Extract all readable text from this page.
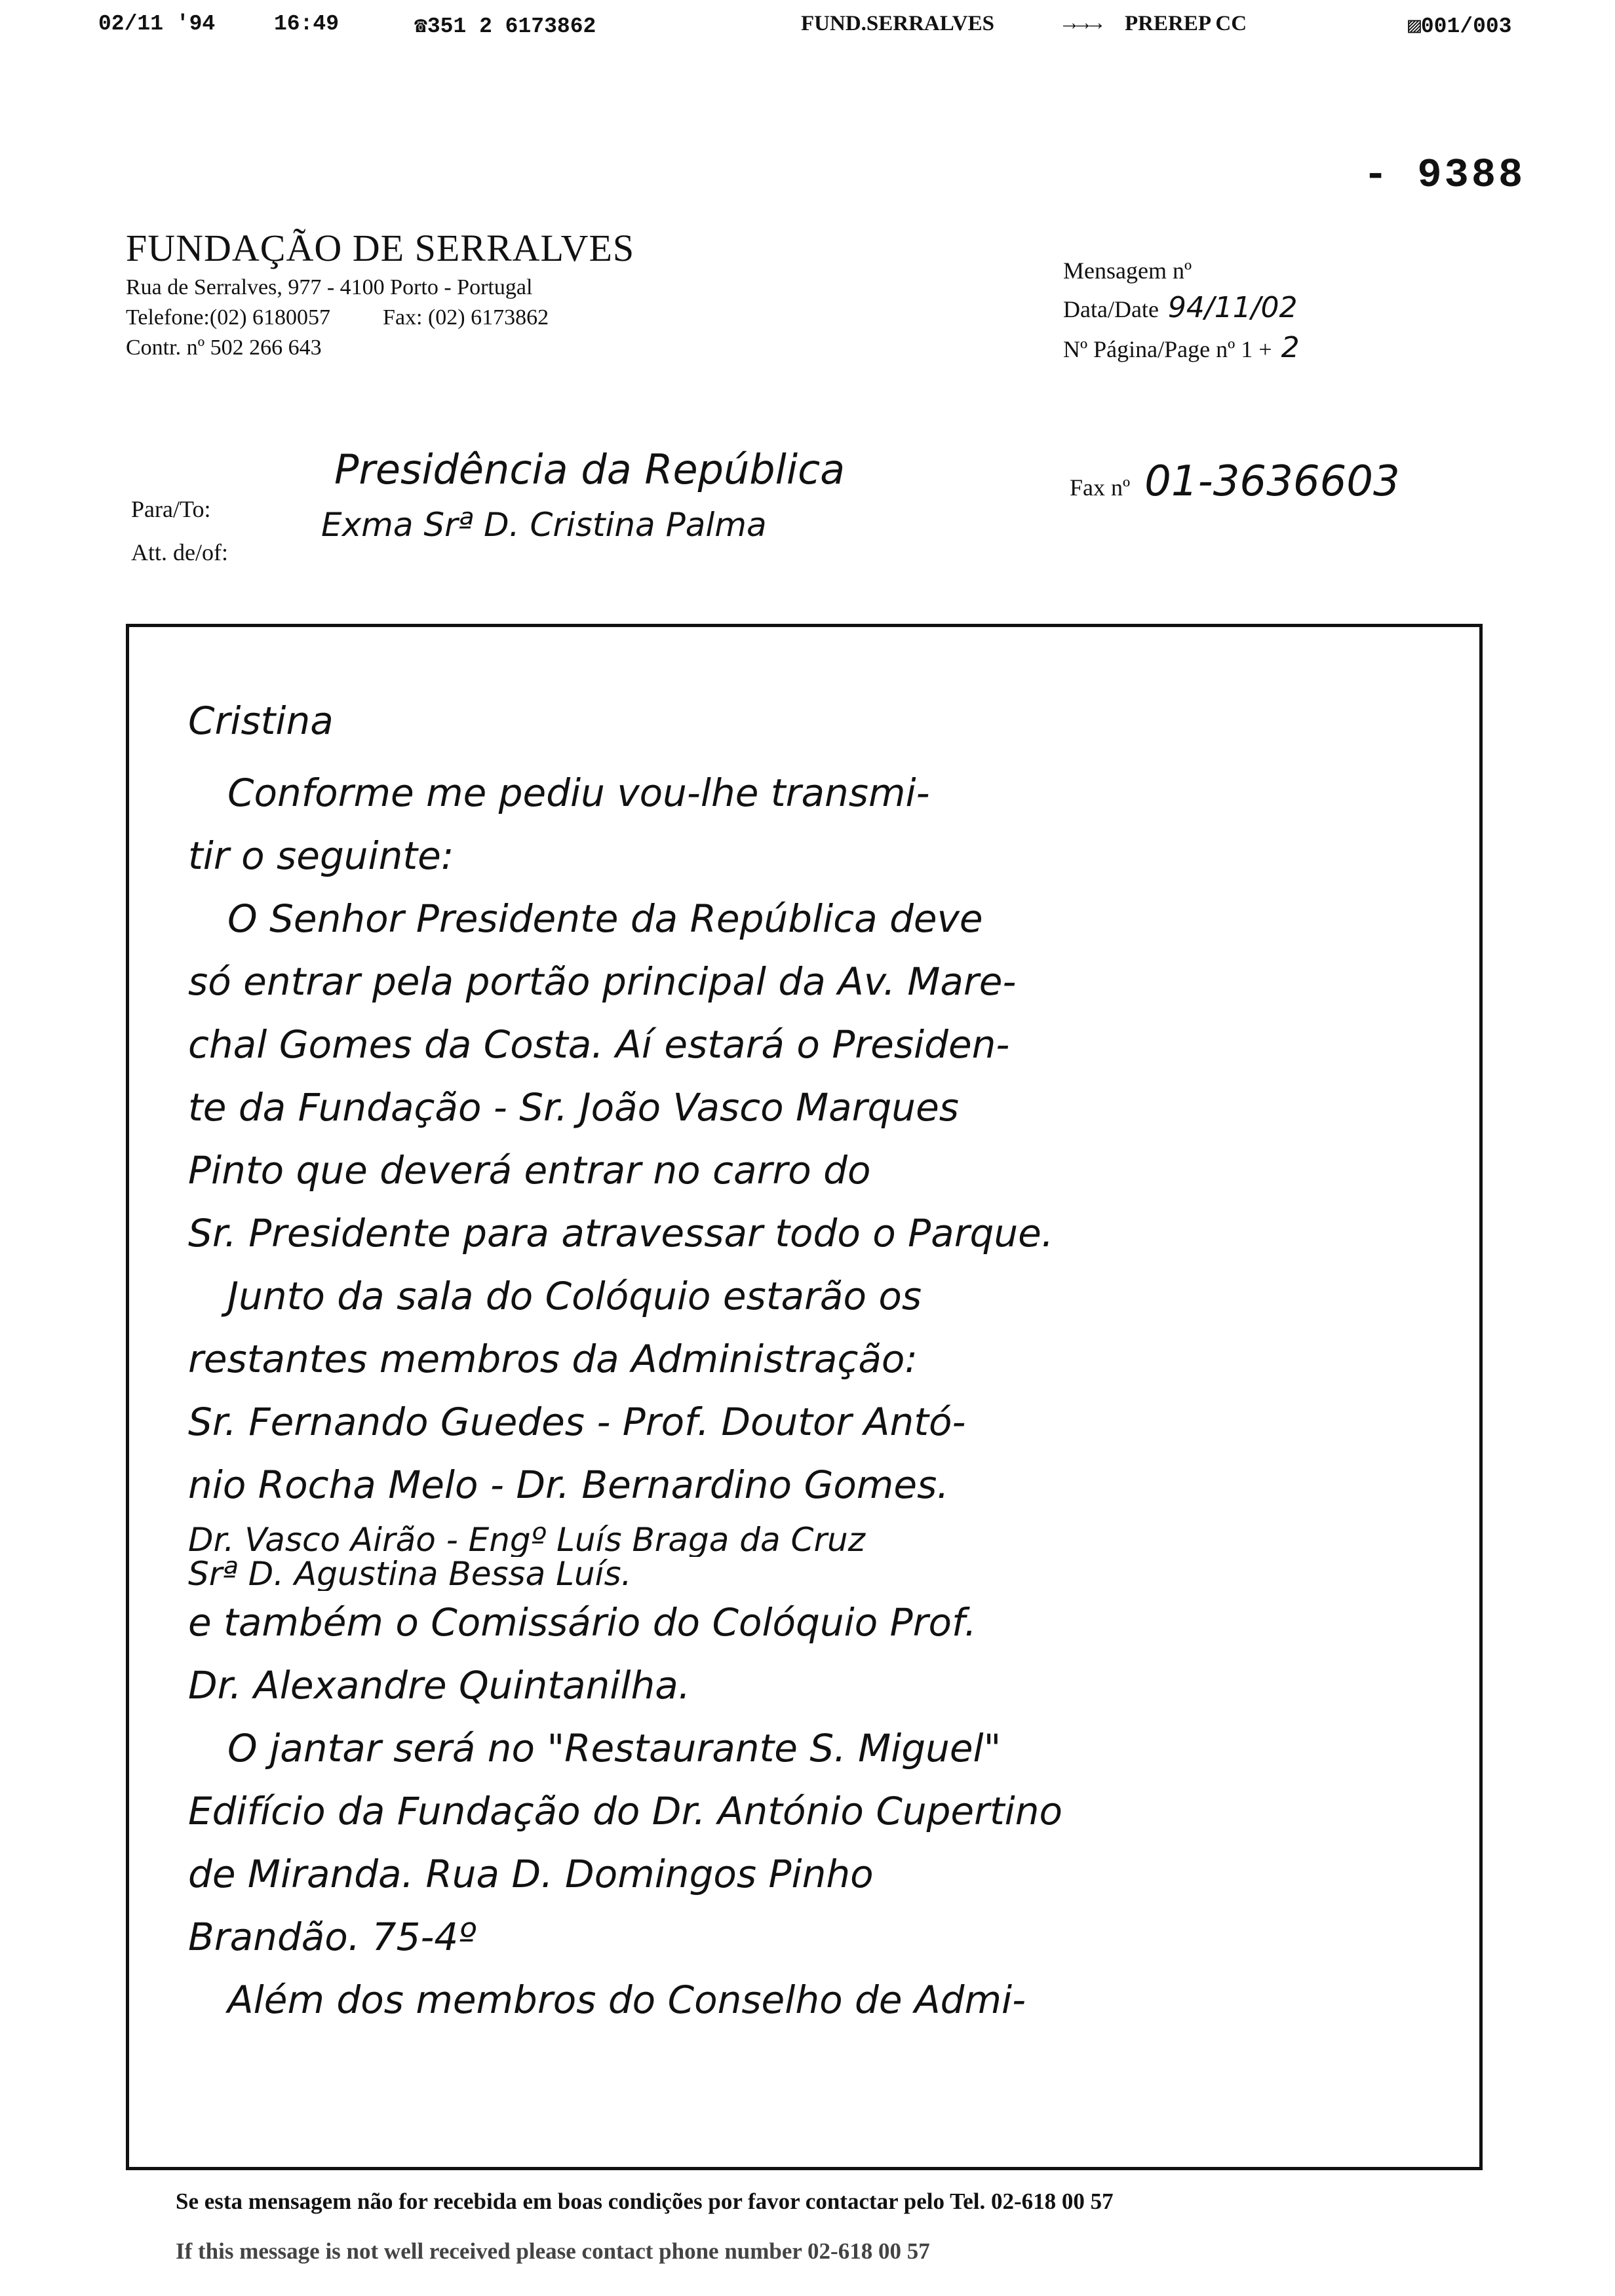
02/11 '94	16:49	☎351 2 6173862	FUND.SERRALVES	→→→ PREREP CC	▨001/003
- 9388
FUNDAÇÃO DE SERRALVES
Rua de Serralves, 977 - 4100 Porto - Portugal
Telefone:(02) 6180057 Fax: (02) 6173862
Contr. nº 502 266 643
Mensagem nº
Data/Date 94/11/02
Nº Página/Page nº 1 + 2
Para/To:
Presidência da República
Att. de/of:
Exma Srª D. Cristina Palma
Fax nº 01-3636603

Cristina

Conforme me pediu vou-lhe transmi-

tir o seguinte:

O Senhor Presidente da República deve

só entrar pela portão principal da Av. Mare-

chal Gomes da Costa. Aí estará o Presiden-

te da Fundação - Sr. João Vasco Marques

Pinto que deverá entrar no carro do

Sr. Presidente para atravessar todo o Parque.

Junto da sala do Colóquio estarão os

restantes membros da Administração:

Sr. Fernando Guedes - Prof. Doutor Antó-

nio Rocha Melo - Dr. Bernardino Gomes.

Dr. Vasco Airão - Engº Luís Braga da Cruz

Srª D. Agustina Bessa Luís.

e também o Comissário do Colóquio Prof.

Dr. Alexandre Quintanilha.

O jantar será no "Restaurante S. Miguel"

Edifício da Fundação do Dr. António Cupertino

de Miranda. Rua D. Domingos Pinho

Brandão. 75-4º

Além dos membros do Conselho de Admi-

Se esta mensagem não for recebida em boas condições por favor contactar pelo Tel. 02-618 00 57
If this message is not well received please contact phone number 02-618 00 57
